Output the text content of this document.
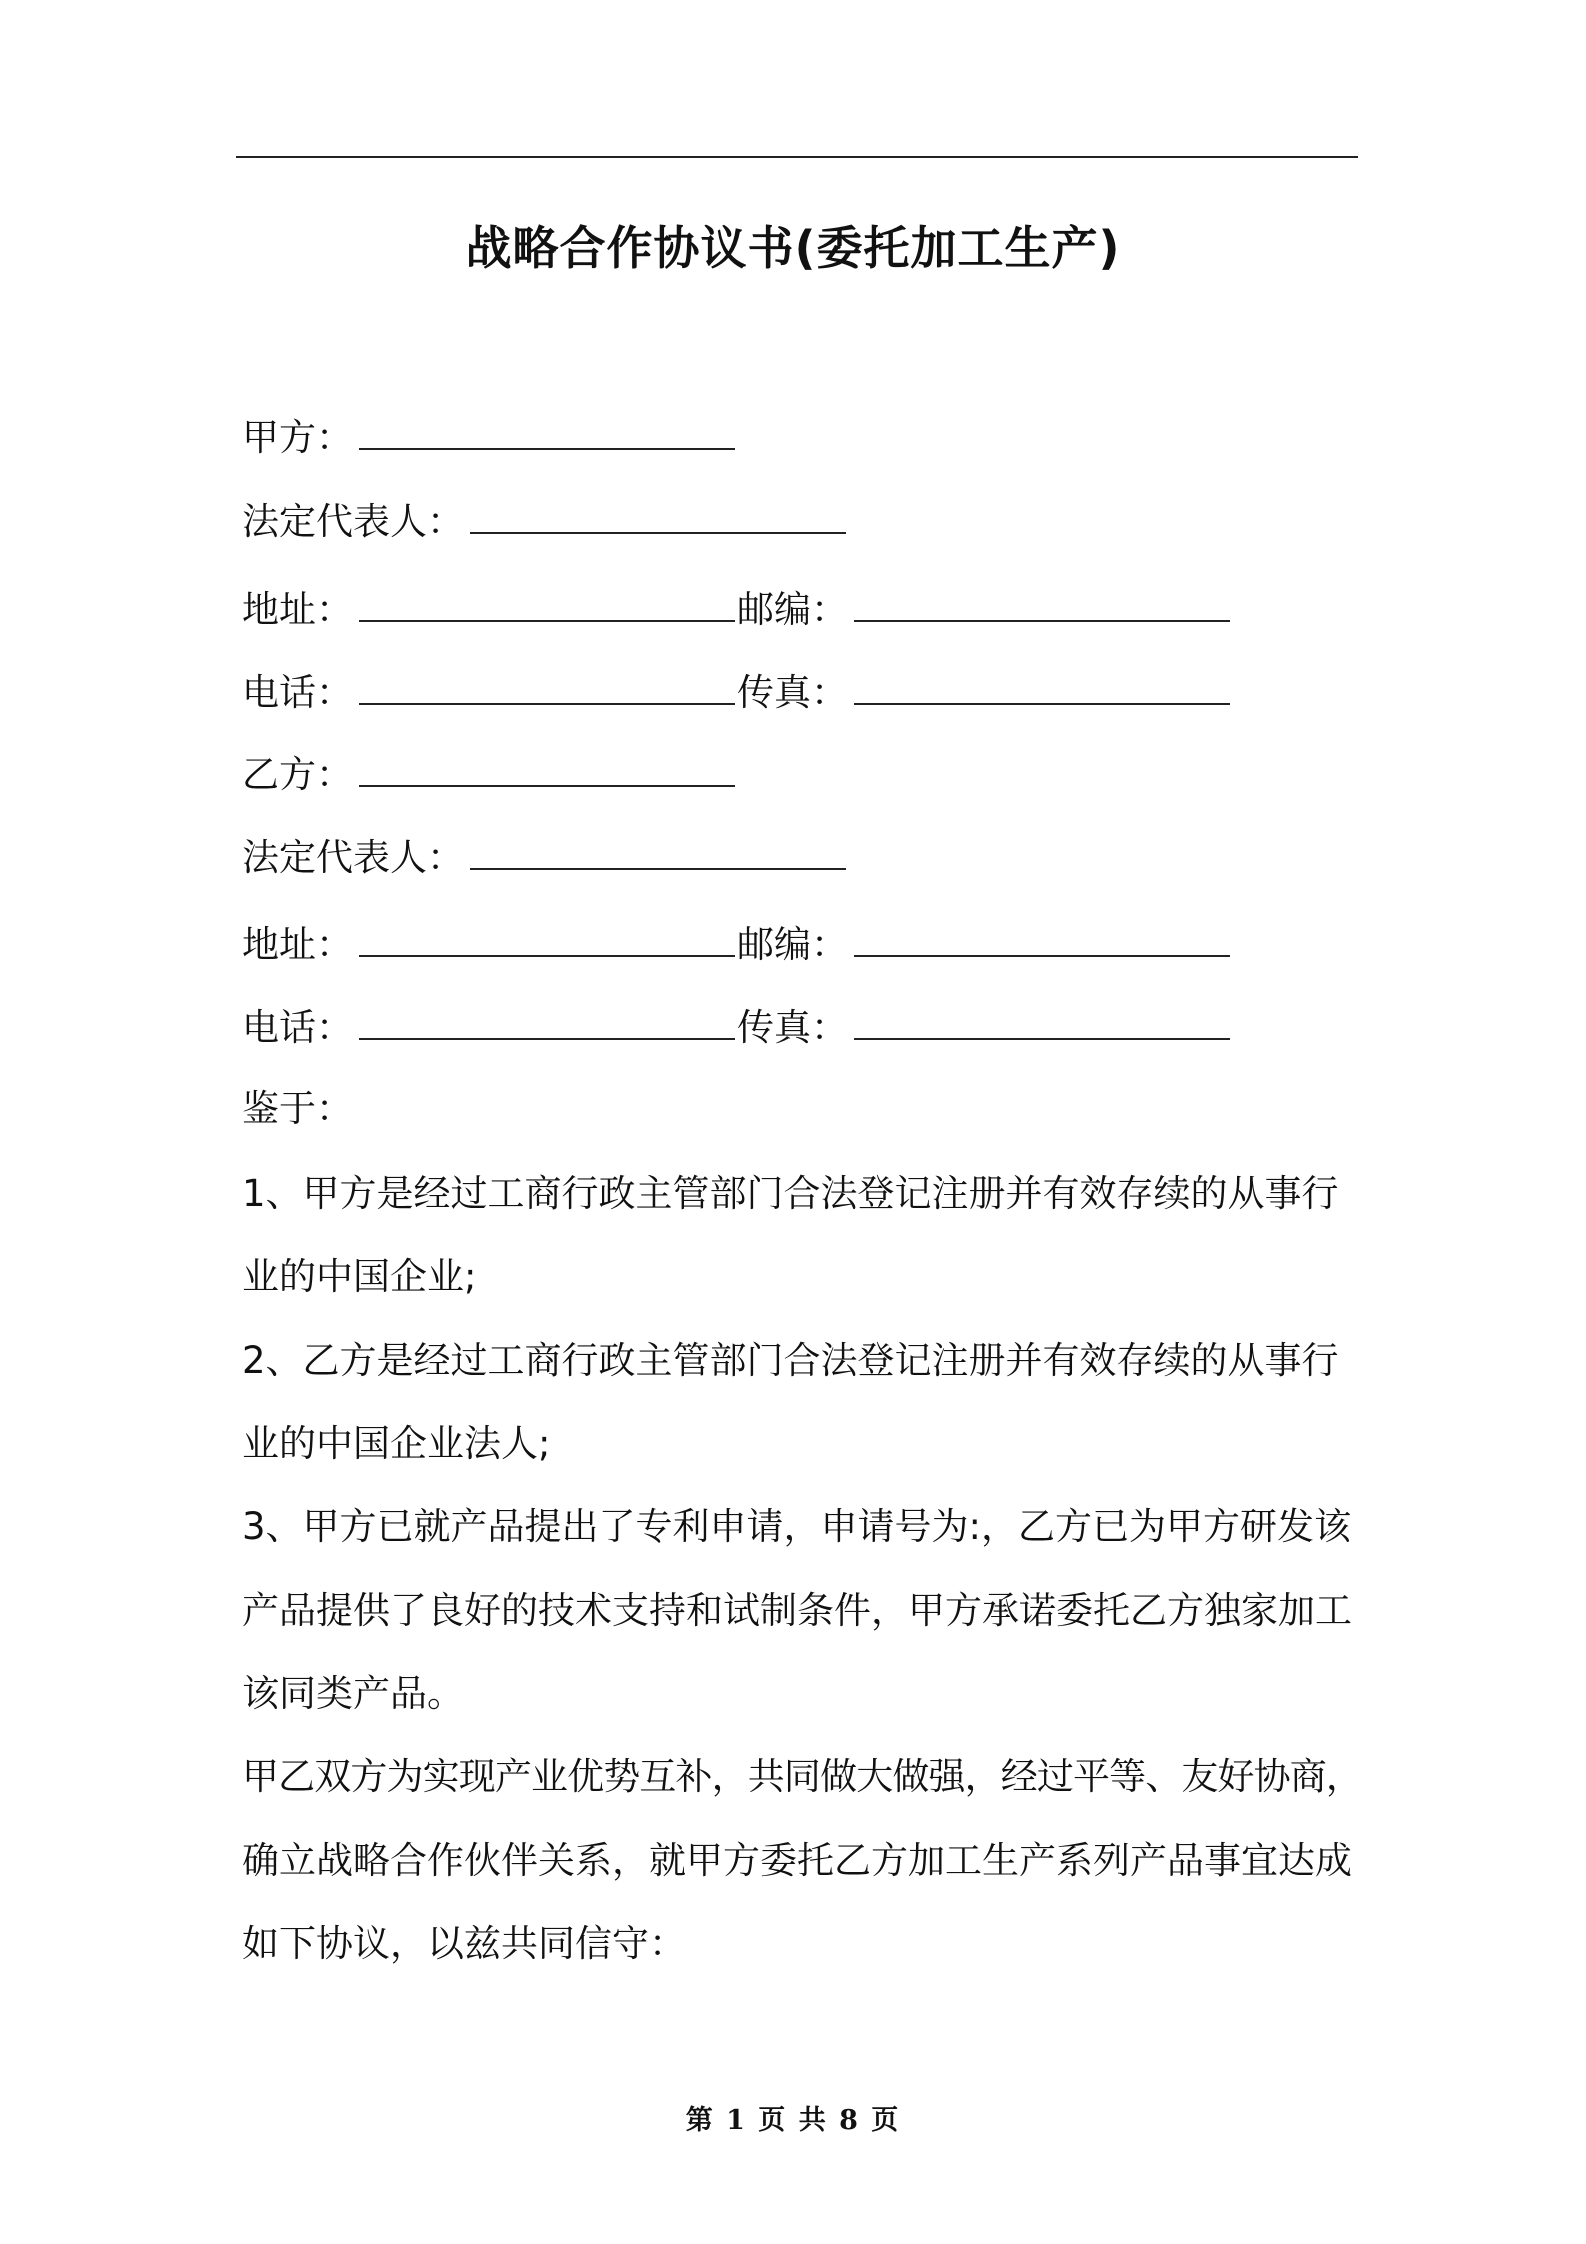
战略合作协议书(委托加工生产)
甲方：
法定代表人：
地址：	邮编：
电话：	传真：
乙方：
法定代表人：
地址：	邮编：
电话：	传真：
鉴于：
1、甲方是经过工商行政主管部门合法登记注册并有效存续的从事行
业的中国企业;
2、乙方是经过工商行政主管部门合法登记注册并有效存续的从事行
业的中国企业法人;
3、甲方已就产品提出了专利申请，申请号为:，乙方已为甲方研发该
产品提供了良好的技术支持和试制条件，甲方承诺委托乙方独家加工
该同类产品。
甲乙双方为实现产业优势互补，共同做大做强，经过平等、友好协商，
确立战略合作伙伴关系，就甲方委托乙方加工生产系列产品事宜达成
如下协议，以兹共同信守：
第 1 页 共 8 页
